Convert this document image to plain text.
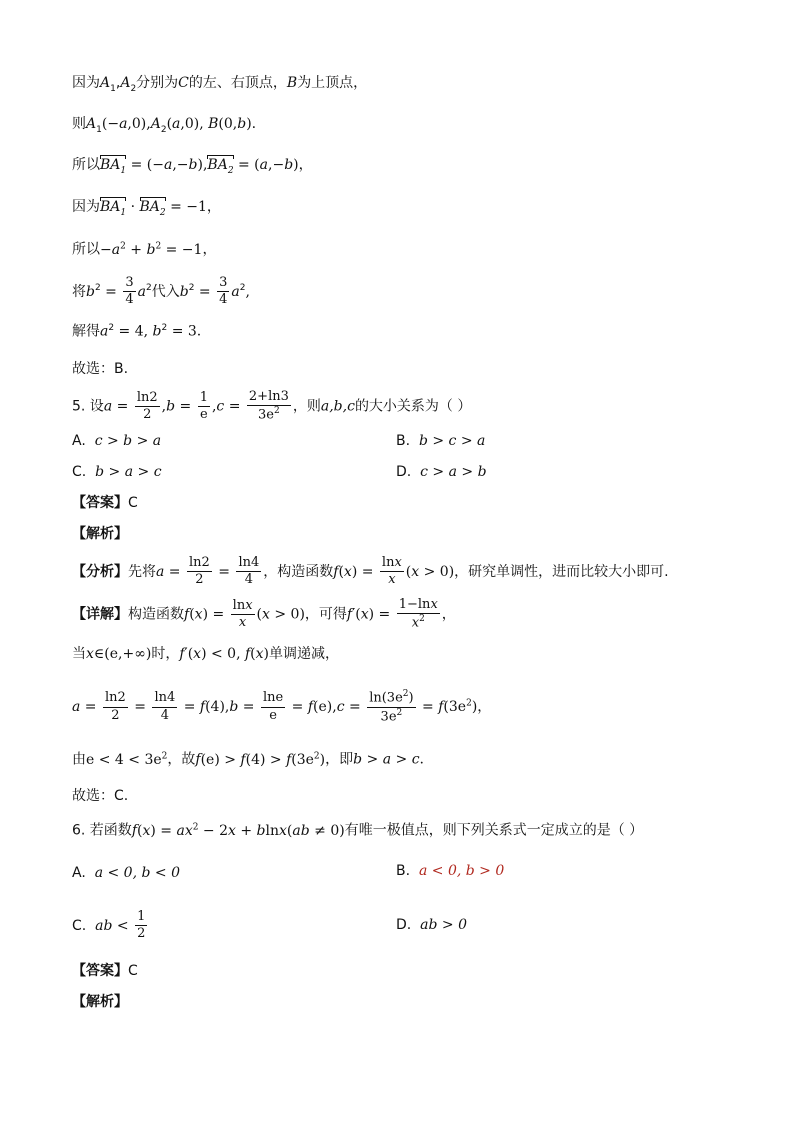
因为$A_1,A_2$分别为C的左、右顶点，B为上顶点，
则$A_1(-a,0),A_2(a,0)$, B(0,b).
所以$BA_1 = (-a,-b),BA_2 = (a,-b)$，
因为$BA_1 \cdot BA_2 = -1$，
所以$-a^2 + b^2 = -1$，
将$b^2 = \frac{3}{4} a^2$代入$b^2 = \frac{3}{4} a^2$,
解得$a^2 = 4$, $b^2 = 3$.
故选：B.
5. 设$a = \frac{\ln 2}{2} ,b = \frac{1}{e} ,c = \frac{2+\ln 3}{3e^2}$ ，则a,b,c的大小关系为（ ）
A.  c > b > a	B.  b > c > a
C.  b > a > c	D.  c > a > b
【答案】C
【解析】
【分析】先将$a = \frac{\ln 2}{2} = \frac{\ln 4}{4}$ ，构造函数$f(x) = \frac{\ln x}{x} (x > 0)$，研究单调性，进而比较大小即可.
【详解】构造函数$f(x) = \frac{\ln x}{x} (x > 0)$，可得$f'(x) = \frac{1-\ln x}{x^2}$ ，
当x∈(e,+∞)时，f′(x) < 0, f(x)单调递减，
$a = \frac{\ln 2}{2} = \frac{\ln 4}{4} = f(4),b = \frac{\ln e}{e} = f(e),c = \frac{\ln(3e^2)}{3e^2} = f(3e^2)$，
由$e < 4 < 3e^2$，故$f(e) > f(4) > f(3e^2)$，即b > a > c.
故选：C.
6. 若函数$f(x) = ax^2 - 2x + blnx(ab \ne 0)$有唯一极值点，则下列关系式一定成立的是（ ）
A.  a < 0, b < 0	B.  a < 0, b > 0
C.  ab < $\frac{1}{2}$	D.  ab > 0
【答案】C
【解析】
